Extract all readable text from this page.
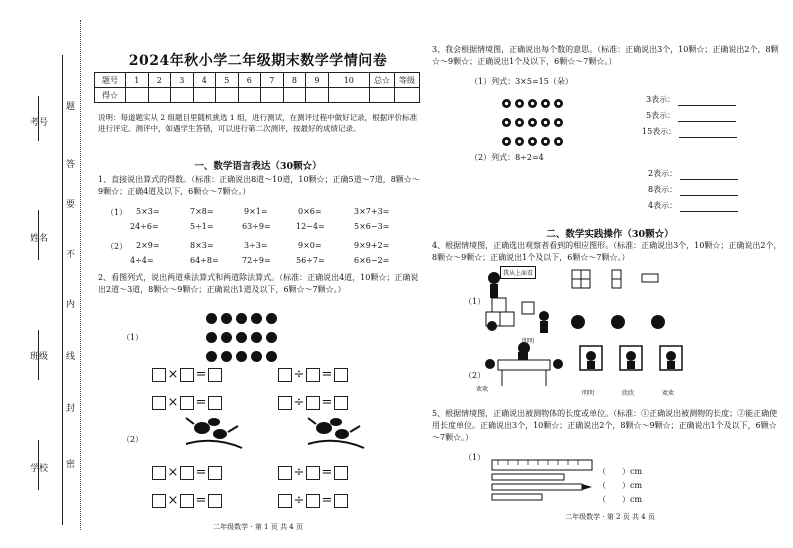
考号
姓名
班级
学校
题
答
要
不
内
线
封
密
2024年秋小学二年级期末数学学情问卷
题号	1	2	3	4	5	6	7	8	9	10	总☆	等级
得☆												
说明：每道题实从 2 组题目里随机挑选 1 组，进行测试，在测评过程中做好记录，根据评价标准进行评定。测评中，如遇学生答错，可以进行第二次测评，按最好的成绩记录。
一、数学语言表达（30颗☆）
1、直接说出算式的得数。（标准：正确说出8道～10道，10颗☆；正确5道～7道，8颗☆～9颗☆；正确4道及以下，6颗☆～7颗☆。）
（1） 5×3=	7×8=	9×1=	0×6=	3×7+3=
24÷6=	5÷1=	63÷9=	12−4=	5×6−3=
（2） 2×9=	8×3=	3÷3=	9×0=	9×9+2=
4÷4=	64÷8=	72÷9=	56÷7=	6×6−2=
2、看图列式，说出两道乘法算式和两道除法算式。（标准：正确说出4道，10颗☆；正确说出2道～3道，8颗☆～9颗☆；正确说出1道及以下，6颗☆～7颗☆。）
（1）
× =	÷ =
× =	÷ =
（2）
× =	÷ =
× =	÷ =
二年级数学 · 第 1 页 共 4 页
3、我会根据情境图，正确说出每个数的意思。（标准：正确说出3个，10颗☆；正确说出2个，8颗☆～9颗☆；正确说出1个及以下，6颗☆～7颗☆。）
（1）列式：3×5=15（朵）
3表示：
5表示：
15表示：
（2）列式：8÷2=4
2表示：
8表示：
4表示：
二、数学实践操作（30颗☆）
4、根据情境图，正确选出观察者看到的相应图形。（标准：正确说出3个，10颗☆；正确说出2个，8颗☆～9颗☆；正确说出1个及以下，6颗☆～7颗☆。）
（1）
我从上面看
（2）
明明
欢欢
明明	欣欣	欢欢
5、根据情境图，正确说出被测物体的长度或单位。（标准：①正确说出被测物的长度；②能正确使用长度单位。正确说出3个，10颗☆；正确说出2个，8颗☆～9颗☆；正确说出1个及以下，6颗☆～7颗☆。）
（1）
（　　）cm
（　　）cm
（　　）cm
二年级数学 · 第 2 页 共 4 页
